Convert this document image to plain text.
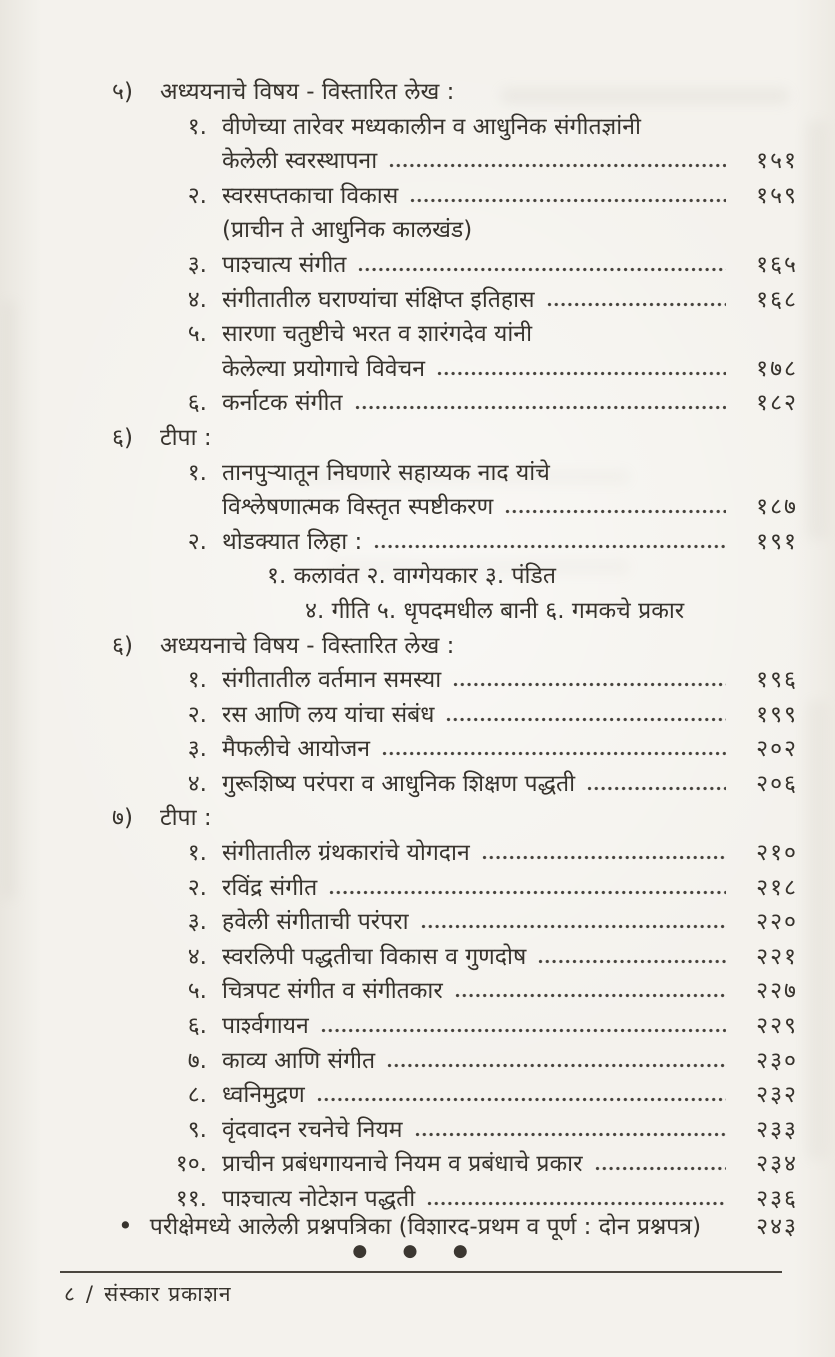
५)	अध्ययनाचे विषय - विस्तारित लेख :
१. वीणेच्या तारेवर मध्यकालीन व आधुनिक संगीतज्ञांनी
केलेली स्वरस्थापना	१५१
२. स्वरसप्तकाचा विकास	१५९
(प्राचीन ते आधुनिक कालखंड)
३. पाश्चात्य संगीत	१६५
४. संगीतातील घराण्यांचा संक्षिप्त इतिहास	१६८
५. सारणा चतुष्टीचे भरत व शारंगदेव यांनी
केलेल्या प्रयोगाचे विवेचन	१७८
६. कर्नाटक संगीत	१८२
६)	टीपा :
१. तानपुऱ्यातून निघणारे सहाय्यक नाद यांचे
विश्लेषणात्मक विस्तृत स्पष्टीकरण	१८७
२. थोडक्यात लिहा :	१९१
१. कलावंत २. वाग्गेयकार ३. पंडित
४. गीति ५. धृपदमधील बानी ६. गमकचे प्रकार
६)	अध्ययनाचे विषय - विस्तारित लेख :
१. संगीतातील वर्तमान समस्या	१९६
२. रस आणि लय यांचा संबंध	१९९
३. मैफलीचे आयोजन	२०२
४. गुरूशिष्य परंपरा व आधुनिक शिक्षण पद्धती	२०६
७)	टीपा :
१. संगीतातील ग्रंथकारांचे योगदान	२१०
२. रविंद्र संगीत	२१८
३. हवेली संगीताची परंपरा	२२०
४. स्वरलिपी पद्धतीचा विकास व गुणदोष	२२१
५. चित्रपट संगीत व संगीतकार	२२७
६. पार्श्वगायन	२२९
७. काव्य आणि संगीत	२३०
८. ध्वनिमुद्रण	२३२
९. वृंदवादन रचनेचे नियम	२३३
१०. प्राचीन प्रबंधगायनाचे नियम व प्रबंधाचे प्रकार	२३४
११. पाश्चात्य नोटेशन पद्धती	२३६
• परीक्षेमध्ये आलेली प्रश्नपत्रिका (विशारद-प्रथम व पूर्ण : दोन प्रश्नपत्र)	२४३
● ● ●
८ / संस्कार प्रकाशन
